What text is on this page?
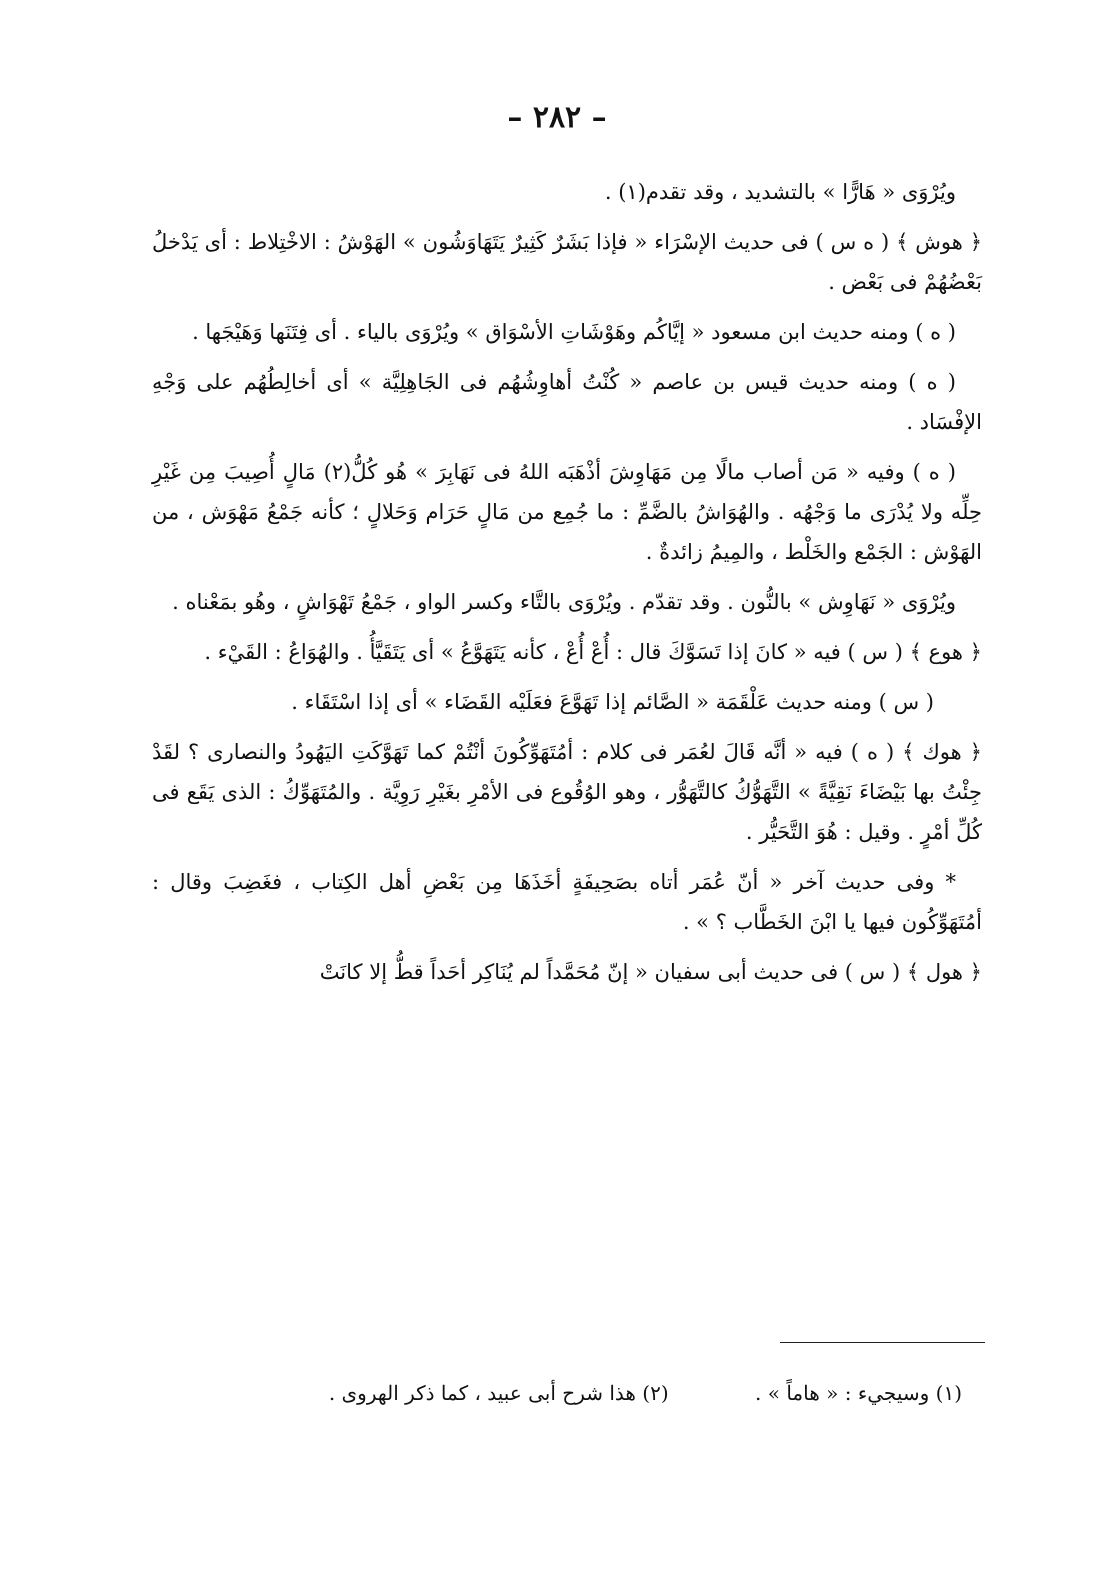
– ٢٨٢ –

ويُرْوَى « هَارًّا » بالتشديد ، وقد تقدم(١) .

﴿ هوش ﴾ ( ه س ) فى حديث الإسْرَاء « فإذا بَشَرٌ كَثِيرٌ يَتَهَاوَشُون » الهَوْشُ : الاخْتِلاط : أى يَدْخلُ بَعْضُهُمْ فى بَعْض .

( ه ) ومنه حديث ابن مسعود « إيَّاكُم وهَوْشَاتِ الأسْوَاق » ويُرْوَى بالياء . أى فِتَنَها وَهَيْجَها .

( ه ) ومنه حديث قيس بن عاصم « كُنْتُ أهاوِشُهُم فى الجَاهِلِيَّة » أى أخالِطُهُم على وَجْهِ الإفْسَاد .

( ه ) وفيه « مَن أصاب مالًا مِن مَهَاوِشَ أذْهَبَه اللهُ فى نَهَابِرَ » هُو كُلُّ(٢) مَالٍ أُصِيبَ مِن غَيْرِ حِلِّه ولا يُدْرَى ما وَجْهُه . والهُوَاشُ بالضَّمِّ : ما جُمِع من مَالٍ حَرَام وَحَلالٍ ؛ كأنه جَمْعُ مَهْوَش ، من الهَوْش : الجَمْع والخَلْط ، والمِيمُ زائدةٌ .

ويُرْوَى « نَهَاوِش » بالنُّون . وقد تقدّم . ويُرْوَى بالتَّاء وكسر الواو ، جَمْعُ تَهْوَاشٍ ، وهُو بمَعْناه .

﴿ هوع ﴾ ( س ) فيه « كانَ إذا تَسَوَّكَ قال : أُعْ أُعْ ، كأنه يَتَهَوَّعُ » أى يَتَقَيَّأُ . والهُوَاعُ : القَيْء .

( س ) ومنه حديث عَلْقَمَة « الصَّائم إذا تَهَوَّعَ فعَلَيْه القَضَاء » أى إذا اسْتَقَاء .

﴿ هوك ﴾ ( ه ) فيه « أنَّه قَالَ لعُمَر فى كلام : أمُتَهَوِّكُونَ أنْتُمْ كما تَهَوَّكَتِ اليَهُودُ والنصارى ؟ لقَدْ جِئْتُ بها بَيْضَاءَ نَقِيَّةً » التَّهَوُّكُ كالتَّهَوُّر ، وهو الوُقُوع فى الأمْرِ بغَيْرِ رَوِيَّة . والمُتَهَوِّكُ : الذى يَقَع فى كُلِّ أمْرٍ . وقيل : هُوَ التَّحَيُّر .

* وفى حديث آخر « أنّ عُمَر أتاه بصَحِيفَةٍ أخَذَهَا مِن بَعْضِ أهل الكِتاب ، فغَضِبَ وقال : أمُتَهَوِّكُون فيها يا ابْنَ الخَطَّاب ؟ » .

﴿ هول ﴾ ( س ) فى حديث أبى سفيان « إنّ مُحَمَّداً لم يُنَاكِر أحَداً قطُّ إلا كانَتْ

(١) وسيجيء : « هاماً » . (٢) هذا شرح أبى عبيد ، كما ذكر الهروى .
